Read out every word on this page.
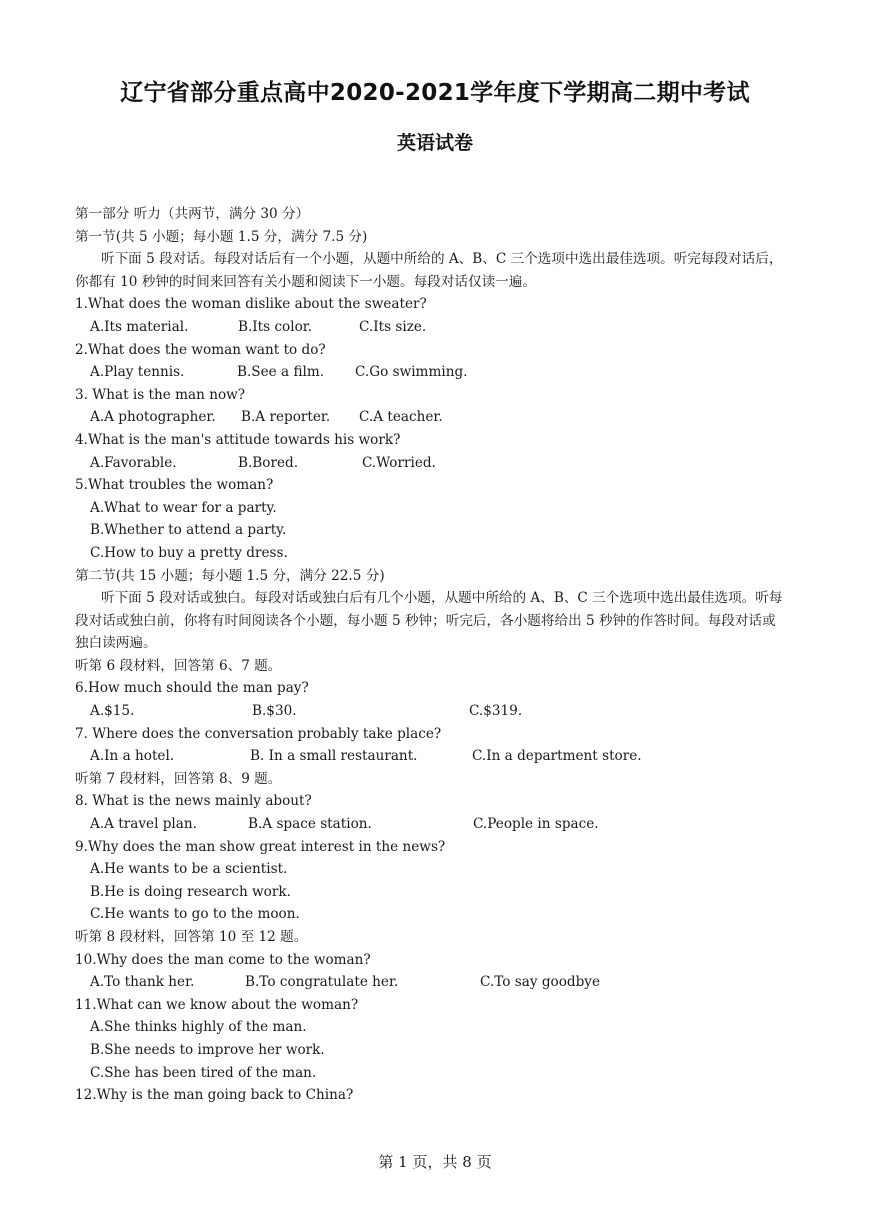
辽宁省部分重点高中2020-2021学年度下学期高二期中考试
英语试卷
第一部分 听力（共两节，满分 30 分）
第一节(共 5 小题；每小题 1.5 分，满分 7.5 分)
听下面 5 段对话。每段对话后有一个小题，从题中所给的 A、B、C 三个选项中选出最佳选项。听完每段对话后，你都有 10 秒钟的时间来回答有关小题和阅读下一小题。每段对话仅读一遍。
1.What does the woman dislike about the sweater?
A.Its material.	B.Its color.	C.Its size.
2.What does the woman want to do?
A.Play tennis.	B.See a film. C.Go swimming.
3. What is the man now?
A.A photographer. B.A reporter. C.A teacher.
4.What is the man's attitude towards his work?
A.Favorable.	B.Bored.	C.Worried.
5.What troubles the woman?
A.What to wear for a party.
B.Whether to attend a party.
C.How to buy a pretty dress.
第二节(共 15 小题；每小题 1.5 分，满分 22.5 分)
听下面 5 段对话或独白。每段对话或独白后有几个小题，从题中所给的 A、B、C 三个选项中选出最佳选项。听每段对话或独白前，你将有时间阅读各个小题，每小题 5 秒钟；听完后，各小题将给出 5 秒钟的作答时间。每段对话或独白读两遍。
听第 6 段材料，回答第 6、7 题。
6.How much should the man pay?
A.$15.	B.$30.	C.$319.
7. Where does the conversation probably take place?
A.In a hotel.	B. In a small restaurant.	C.In a department store.
听第 7 段材料，回答第 8、9 题。
8. What is the news mainly about?
A.A travel plan.	B.A space station.	C.People in space.
9.Why does the man show great interest in the news?
A.He wants to be a scientist.
B.He is doing research work.
C.He wants to go to the moon.
听第 8 段材料，回答第 10 至 12 题。
10.Why does the man come to the woman?
A.To thank her.	B.To congratulate her.	C.To say goodbye
11.What can we know about the woman?
A.She thinks highly of the man.
B.She needs to improve her work.
C.She has been tired of the man.
12.Why is the man going back to China?
第 1 页，共 8 页
